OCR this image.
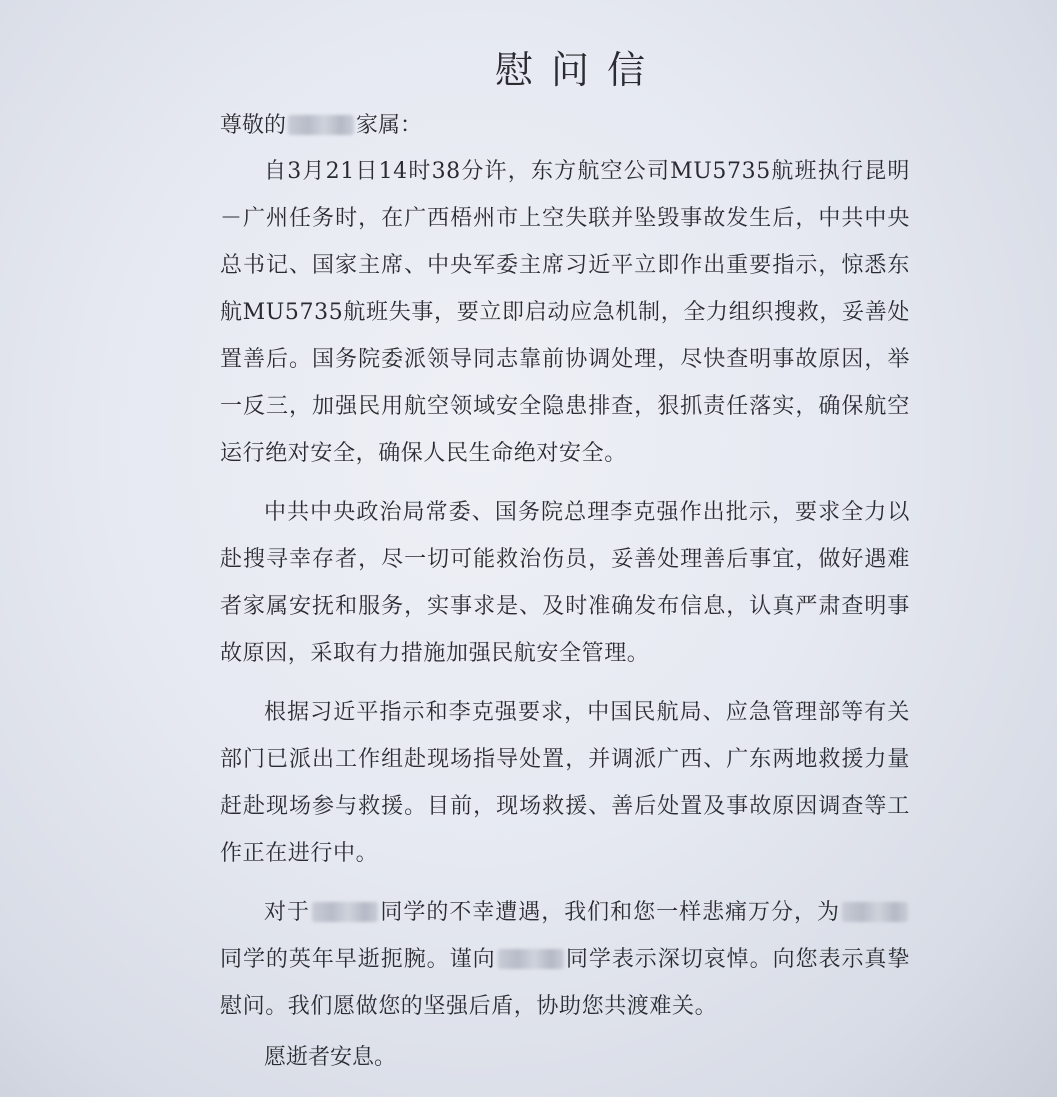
慰问信

尊敬的	家属：

自3月21日14时38分许，东方航空公司MU5735航班执行昆明－广州任务时，在广西梧州市上空失联并坠毁事故发生后，中共中央总书记、国家主席、中央军委主席习近平立即作出重要指示，惊悉东航MU5735航班失事，要立即启动应急机制，全力组织搜救，妥善处置善后。国务院委派领导同志靠前协调处理，尽快查明事故原因，举一反三，加强民用航空领域安全隐患排查，狠抓责任落实，确保航空运行绝对安全，确保人民生命绝对安全。

中共中央政治局常委、国务院总理李克强作出批示，要求全力以赴搜寻幸存者，尽一切可能救治伤员，妥善处理善后事宜，做好遇难者家属安抚和服务，实事求是、及时准确发布信息，认真严肃查明事故原因，采取有力措施加强民航安全管理。

根据习近平指示和李克强要求，中国民航局、应急管理部等有关部门已派出工作组赴现场指导处置，并调派广西、广东两地救援力量赶赴现场参与救援。目前，现场救援、善后处置及事故原因调查等工作正在进行中。

对于	同学的不幸遭遇，我们和您一样悲痛万分，为同学的英年早逝扼腕。谨向	同学表示深切哀悼。向您表示真挚慰问。我们愿做您的坚强后盾，协助您共渡难关。

愿逝者安息。
